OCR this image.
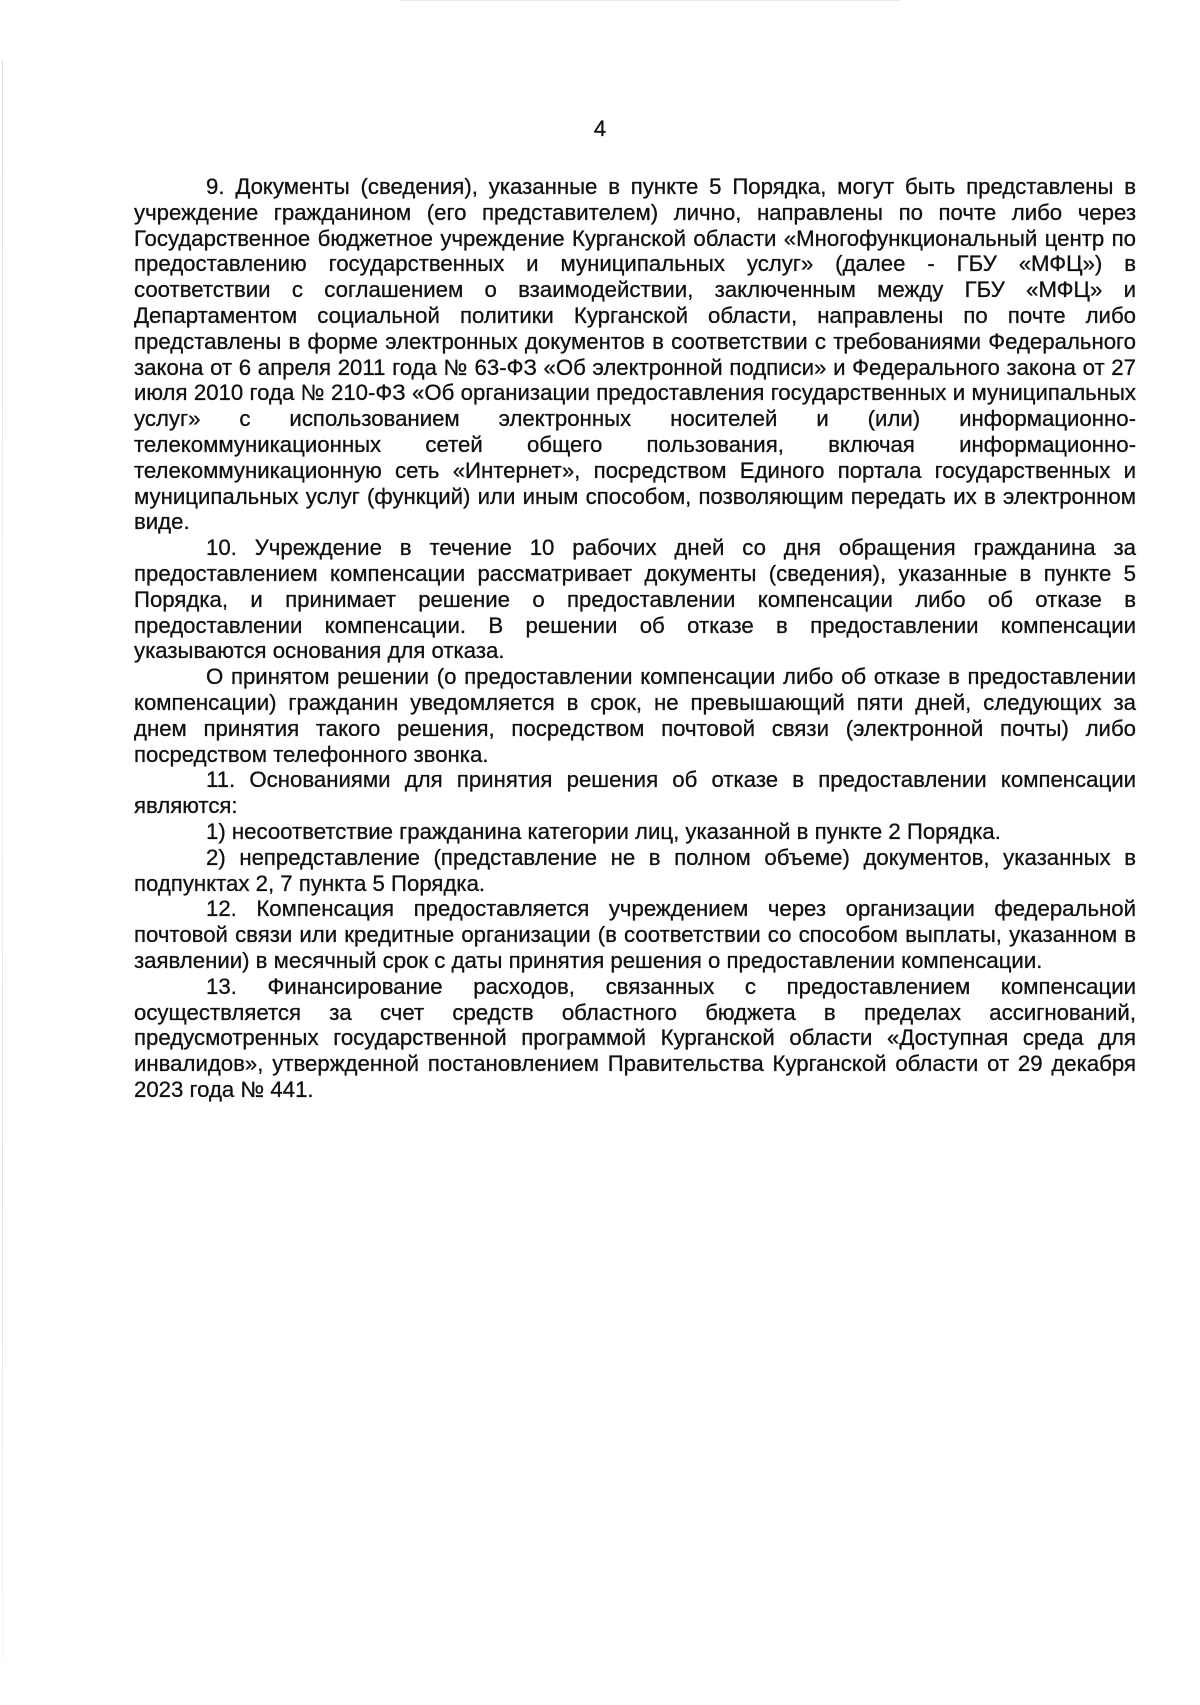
4

9. Документы (сведения), указанные в пункте 5 Порядка, могут быть представлены в учреждение гражданином (его представителем) лично, направлены по почте либо через Государственное бюджетное учреждение Курганской области «Многофункциональный центр по предоставлению государственных и муниципальных услуг» (далее - ГБУ «МФЦ») в соответствии с соглашением о взаимодействии, заключенным между ГБУ «МФЦ» и Департаментом социальной политики Курганской области, направлены по почте либо представлены в форме электронных документов в соответствии с требованиями Федерального закона от 6 апреля 2011 года № 63-ФЗ «Об электронной подписи» и Федерального закона от 27 июля 2010 года № 210-ФЗ «Об организации предоставления государственных и муниципальных услуг» с использованием электронных носителей и (или) информационно-телекоммуникационных сетей общего пользования, включая информационно-телекоммуникационную сеть «Интернет», посредством Единого портала государственных и муниципальных услуг (функций) или иным способом, позволяющим передать их в электронном виде.

10. Учреждение в течение 10 рабочих дней со дня обращения гражданина за предоставлением компенсации рассматривает документы (сведения), указанные в пункте 5 Порядка, и принимает решение о предоставлении компенсации либо об отказе в предоставлении компенсации. В решении об отказе в предоставлении компенсации указываются основания для отказа.

О принятом решении (о предоставлении компенсации либо об отказе в предоставлении компенсации) гражданин уведомляется в срок, не превышающий пяти дней, следующих за днем принятия такого решения, посредством почтовой связи (электронной почты) либо посредством телефонного звонка.

11. Основаниями для принятия решения об отказе в предоставлении компенсации являются:

1) несоответствие гражданина категории лиц, указанной в пункте 2 Порядка.

2) непредставление (представление не в полном объеме) документов, указанных в подпунктах 2, 7 пункта 5 Порядка.

12. Компенсация предоставляется учреждением через организации федеральной почтовой связи или кредитные организации (в соответствии со способом выплаты, указанном в заявлении) в месячный срок с даты принятия решения о предоставлении компенсации.

13. Финансирование расходов, связанных с предоставлением компенсации осуществляется за счет средств областного бюджета в пределах ассигнований, предусмотренных государственной программой Курганской области «Доступная среда для инвалидов», утвержденной постановлением Правительства Курганской области от 29 декабря 2023 года № 441.
